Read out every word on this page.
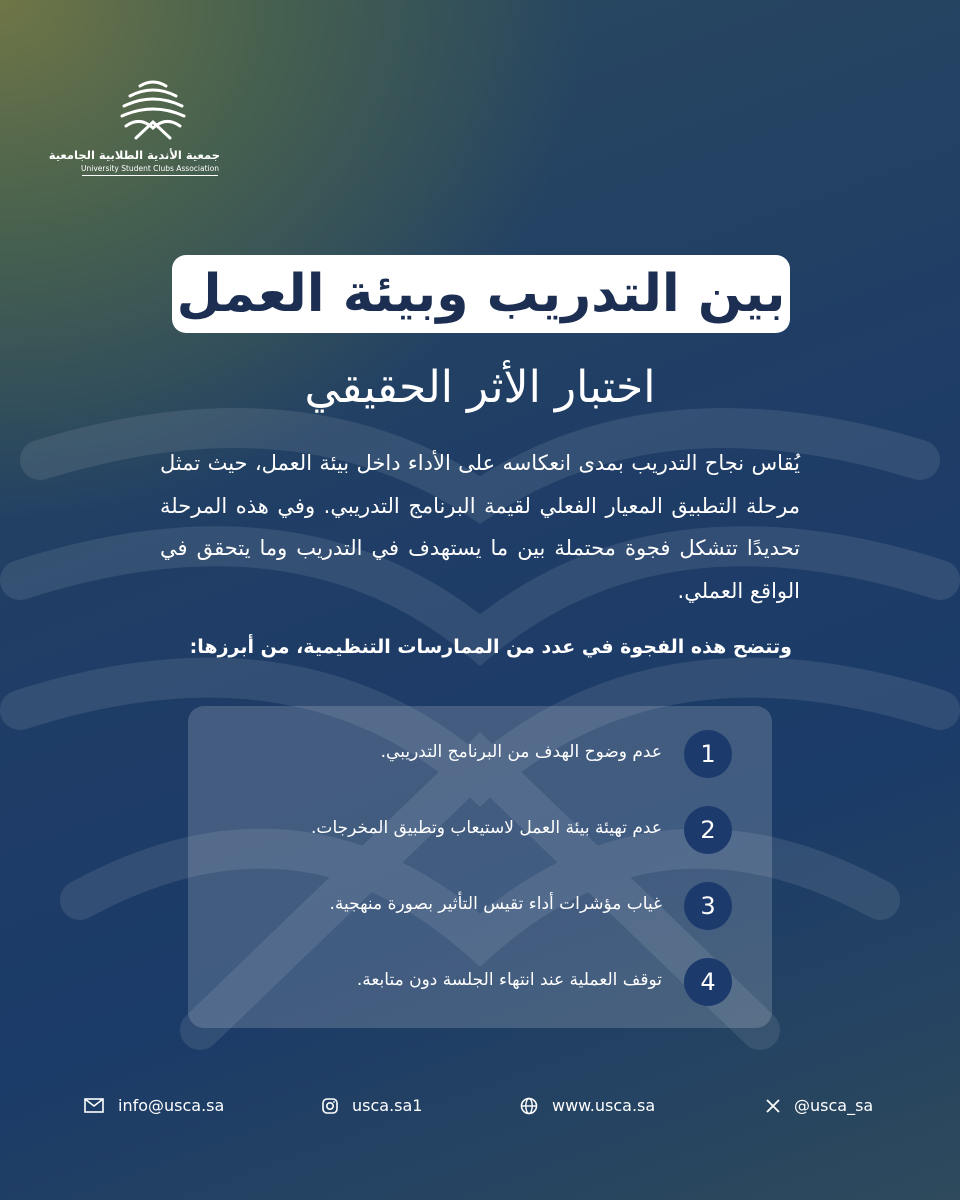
جمعية الأندية الطلابية الجامعية
University Student Clubs Association
بين التدريب وبيئة العمل
اختبار الأثر الحقيقي

يُقاس نجاح التدريب بمدى انعكاسه على الأداء داخل بيئة العمل، حيث تمثل مرحلة التطبيق المعيار الفعلي لقيمة البرنامج التدريبي. وفي هذه المرحلة تحديدًا تتشكل فجوة محتملة بين ما يستهدف في التدريب وما يتحقق في الواقع العملي.

وتتضح هذه الفجوة في عدد من الممارسات التنظيمية، من أبرزها:
1
عدم وضوح الهدف من البرنامج التدريبي.
2
عدم تهيئة بيئة العمل لاستيعاب وتطبيق المخرجات.
3
غياب مؤشرات أداء تقيس التأثير بصورة منهجية.
4
توقف العملية عند انتهاء الجلسة دون متابعة.
info@usca.sa	usca.sa1	www.usca.sa	@usca_sa
